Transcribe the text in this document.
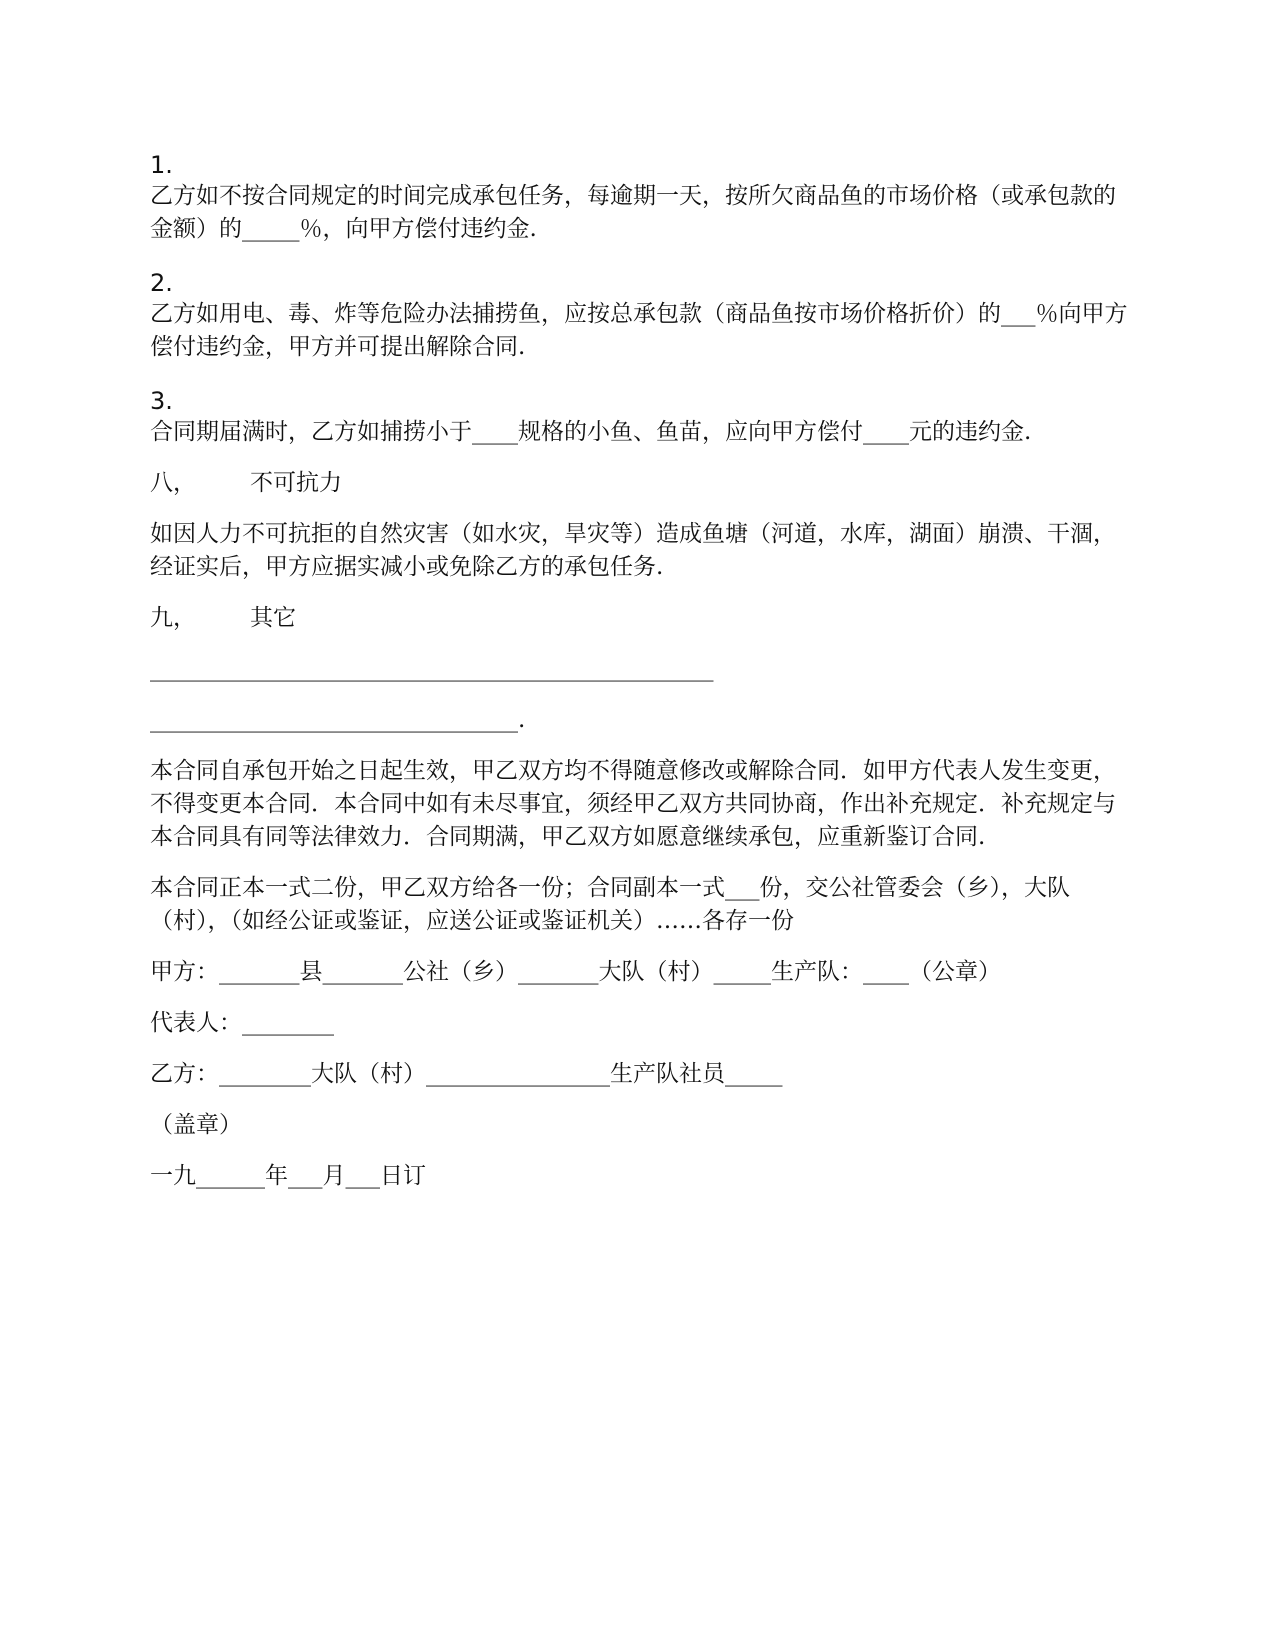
1.

乙方如不按合同规定的时间完成承包任务，每逾期一天，按所欠商品鱼的市场价格（或承包款的金额）的_____％，向甲方偿付违约金.

2.

乙方如用电、毒、炸等危险办法捕捞鱼，应按总承包款（商品鱼按市场价格折价）的___％向甲方偿付违约金，甲方并可提出解除合同.

3.

合同期届满时，乙方如捕捞小于____规格的小鱼、鱼苗，应向甲方偿付____元的违约金.

八， 不可抗力

如因人力不可抗拒的自然灾害（如水灾，旱灾等）造成鱼塘（河道，水库，湖面）崩溃、干涸，经证实后，甲方应据实减小或免除乙方的承包任务.

九， 其它

_________________________________________________

________________________________.

本合同自承包开始之日起生效，甲乙双方均不得随意修改或解除合同．如甲方代表人发生变更，不得变更本合同．本合同中如有未尽事宜，须经甲乙双方共同协商，作出补充规定．补充规定与本合同具有同等法律效力．合同期满，甲乙双方如愿意继续承包，应重新鉴订合同.

本合同正本一式二份，甲乙双方给各一份；合同副本一式___份，交公社管委会（乡），大队（村），（如经公证或鉴证，应送公证或鉴证机关）……各存一份

甲方：_______县_______公社（乡）_______大队（村）_____生产队：____（公章）

代表人：________

乙方：________大队（村）________________生产队社员_____

（盖章）

一九______年___月___日订
